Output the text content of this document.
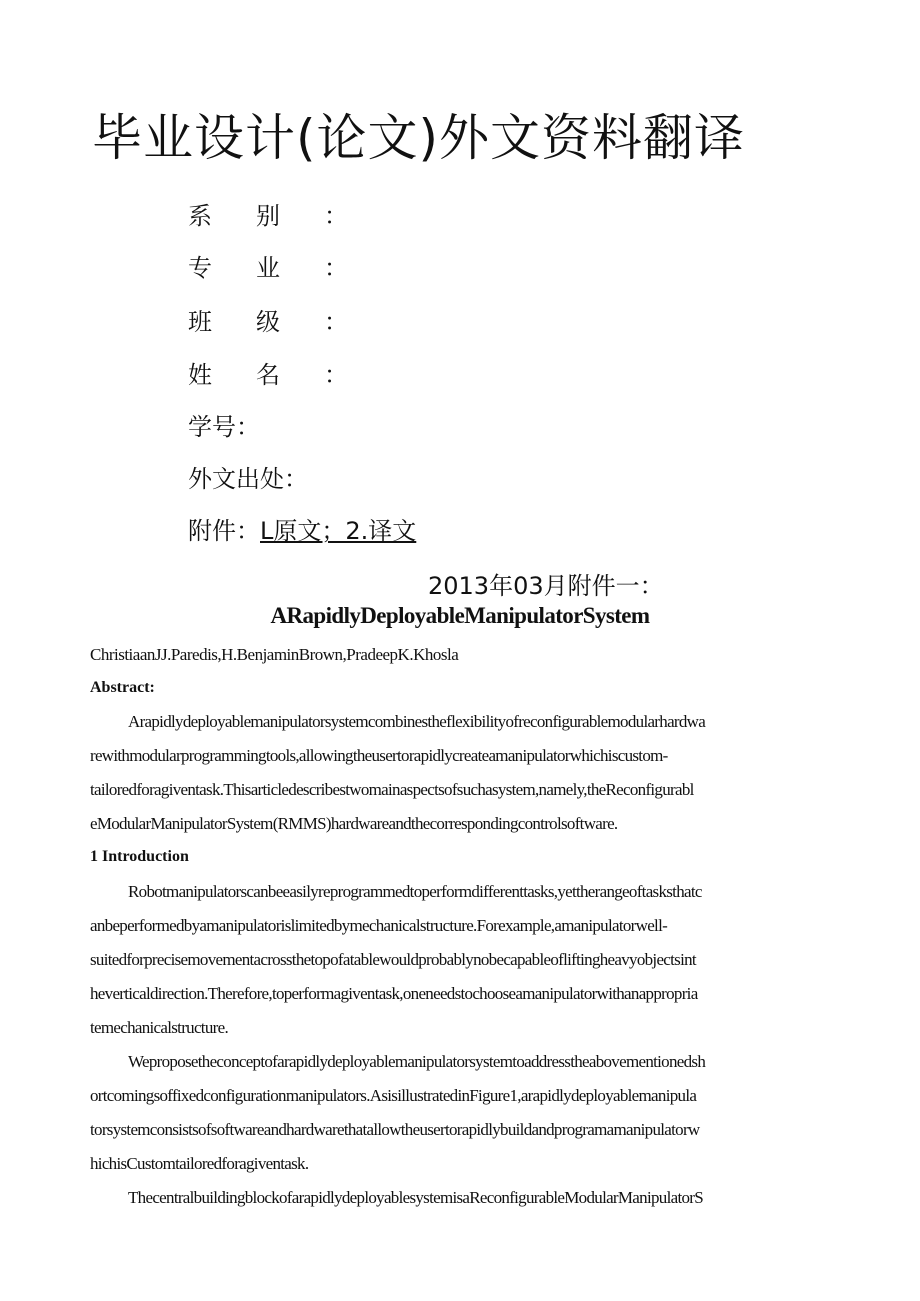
毕业设计(论文)外文资料翻译
系别：
专业：
班级：
姓名：
学号：
外文出处：
附件：L原文；2.译文
2013年03月附件一：
ARapidlyDeployableManipulatorSystem
ChristiaanJJ.Paredis,H.BenjaminBrown,PradeepK.Khosla
Abstract:
Arapidlydeployablemanipulatorsystemcombinestheflexibilityofreconfigurablemodularhardwa
rewithmodularprogrammingtools,allowingtheusertorapidlycreateamanipulatorwhichiscustom-
tailoredforagiventask.Thisarticledescribestwomainaspectsofsuchasystem,namely,theReconfigurabl
eModularManipulatorSystem(RMMS)hardwareandthecorrespondingcontrolsoftware.
1 Introduction
Robotmanipulatorscanbeeasilyreprogrammedtoperformdifferenttasks,yettherangeoftasksthatc
anbeperformedbyamanipulatorislimitedbymechanicalstructure.Forexample,amanipulatorwell-
suitedforprecisemovementacrossthetopofatablewouldprobablynobecapableofliftingheavyobjectsint
heverticaldirection.Therefore,toperformagiventask,oneneedstochooseamanipulatorwithanappropria
temechanicalstructure.
Weproposetheconceptofarapidlydeployablemanipulatorsystemtoaddresstheabovementionedsh
ortcomingsoffixedconfigurationmanipulators.AsisillustratedinFigure1,arapidlydeployablemanipula
torsystemconsistsofsoftwareandhardwarethatallowtheusertorapidlybuildandprogramamanipulatorw
hichisCustomtailoredforagiventask.
ThecentralbuildingblockofarapidlydeployablesystemisaReconfigurableModularManipulatorS
